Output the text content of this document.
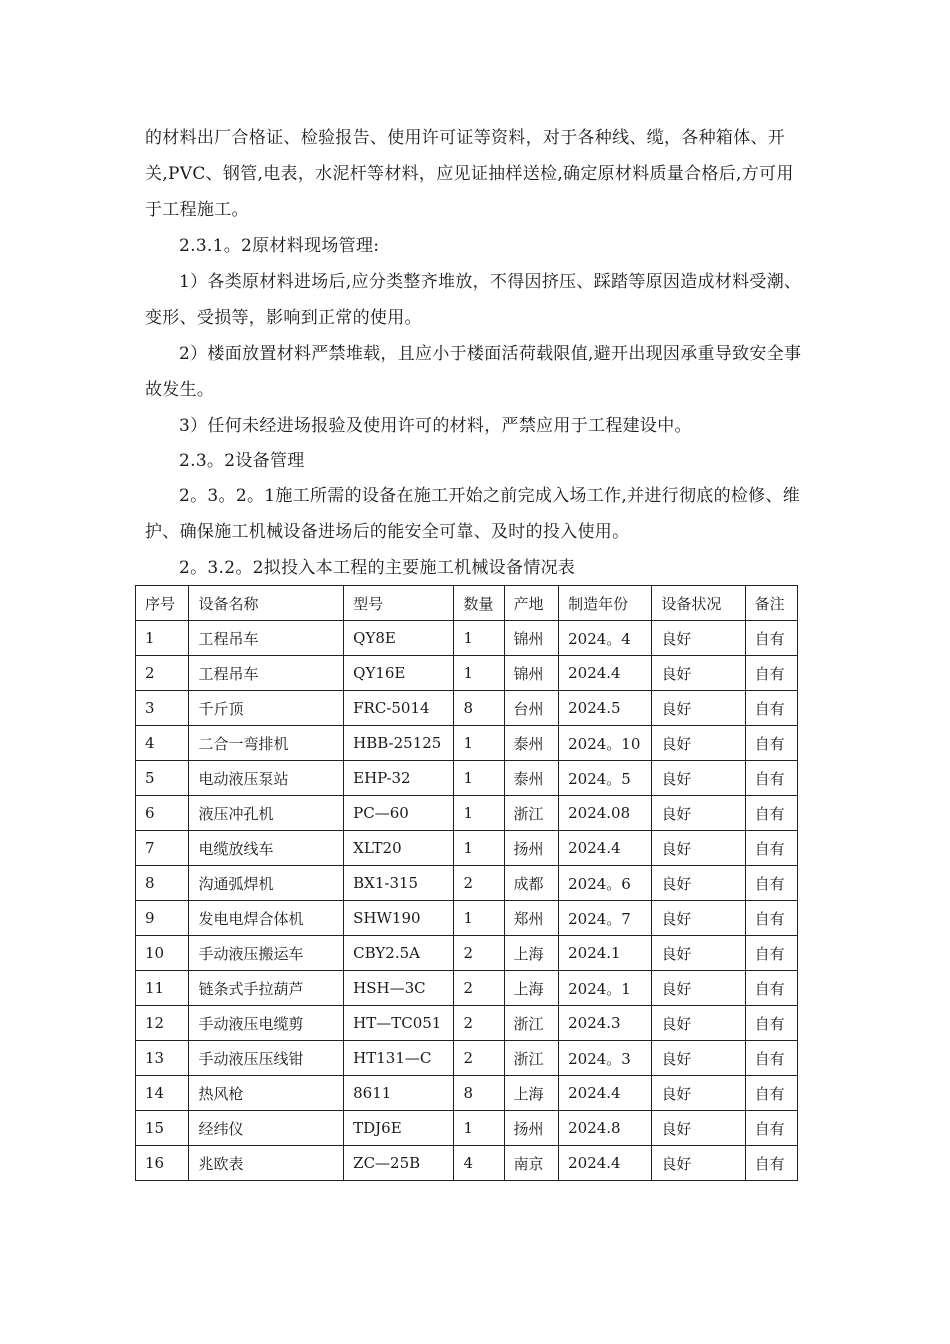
的材料出厂合格证、检验报告、使用许可证等资料，对于各种线、缆，各种箱体、开关,PVC、钢管,电表，水泥杆等材料，应见证抽样送检,确定原材料质量合格后,方可用于工程施工。

2.3.1。2原材料现场管理:

1）各类原材料进场后,应分类整齐堆放，不得因挤压、踩踏等原因造成材料受潮、变形、受损等，影响到正常的使用。

2）楼面放置材料严禁堆载，且应小于楼面活荷载限值,避开出现因承重导致安全事故发生。

3）任何未经进场报验及使用许可的材料，严禁应用于工程建设中。

2.3。2设备管理

2。3。2。1施工所需的设备在施工开始之前完成入场工作,并进行彻底的检修、维护、确保施工机械设备进场后的能安全可靠、及时的投入使用。

2。3.2。2拟投入本工程的主要施工机械设备情况表

序号	设备名称	型号	数量	产地	制造年份	设备状况	备注
1	工程吊车	QY8E	1	锦州	2024。4	良好	自有
2	工程吊车	QY16E	1	锦州	2024.4	良好	自有
3	千斤顶	FRC-5014	8	台州	2024.5	良好	自有
4	二合一弯排机	HBB-25125	1	泰州	2024。10	良好	自有
5	电动液压泵站	EHP-32	1	泰州	2024。5	良好	自有
6	液压冲孔机	PC—60	1	浙江	2024.08	良好	自有
7	电缆放线车	XLT20	1	扬州	2024.4	良好	自有
8	沟通弧焊机	BX1-315	2	成都	2024。6	良好	自有
9	发电电焊合体机	SHW190	1	郑州	2024。7	良好	自有
10	手动液压搬运车	CBY2.5A	2	上海	2024.1	良好	自有
11	链条式手拉葫芦	HSH—3C	2	上海	2024。1	良好	自有
12	手动液压电缆剪	HT—TC051	2	浙江	2024.3	良好	自有
13	手动液压压线钳	HT131—C	2	浙江	2024。3	良好	自有
14	热风枪	8611	8	上海	2024.4	良好	自有
15	经纬仪	TDJ6E	1	扬州	2024.8	良好	自有
16	兆欧表	ZC—25B	4	南京	2024.4	良好	自有
